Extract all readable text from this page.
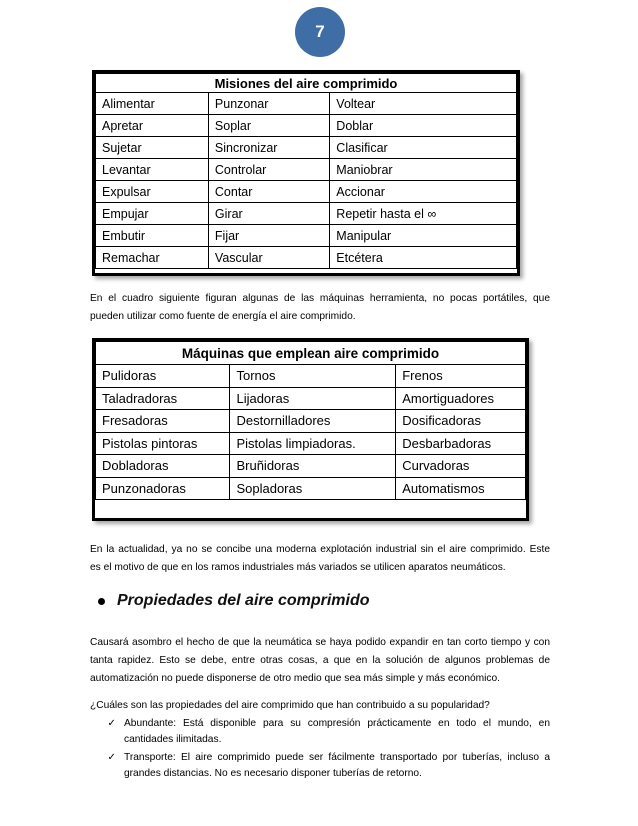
7
Misiones del aire comprimido		
Alimentar	Punzonar	Voltear
Apretar	Soplar	Doblar
Sujetar	Sincronizar	Clasificar
Levantar	Controlar	Maniobrar
Expulsar	Contar	Accionar
Empujar	Girar	Repetir hasta el ∞
Embutir	Fijar	Manipular
Remachar	Vascular	Etcétera
En el cuadro siguiente figuran algunas de las máquinas herramienta, no pocas portátiles, que
pueden utilizar como fuente de energía el aire comprimido.
Máquinas que emplean aire comprimido		
Pulidoras	Tornos	Frenos
Taladradoras	Lijadoras	Amortiguadores
Fresadoras	Destornilladores	Dosificadoras
Pistolas pintoras	Pistolas limpiadoras.	Desbarbadoras
Dobladoras	Bruñidoras	Curvadoras
Punzonadoras	Sopladoras	Automatismos
En la actualidad, ya no se concibe una moderna explotación industrial sin el aire comprimido. Este
es el motivo de que en los ramos industriales más variados se utilicen aparatos neumáticos.
Propiedades del aire comprimido
Causará asombro el hecho de que la neumática se haya podido expandir en tan corto tiempo y con
tanta rapidez. Esto se debe, entre otras cosas, a que en la solución de algunos problemas de
automatización no puede disponerse de otro medio que sea más simple y más económico.
¿Cuáles son las propiedades del aire comprimido que han contribuido a su popularidad?
✓ Abundante: Está disponible para su compresión prácticamente en todo el mundo, en
cantidades ilimitadas.
✓ Transporte: El aire comprimido puede ser fácilmente transportado por tuberías, incluso a
grandes distancias. No es necesario disponer tuberías de retorno.
